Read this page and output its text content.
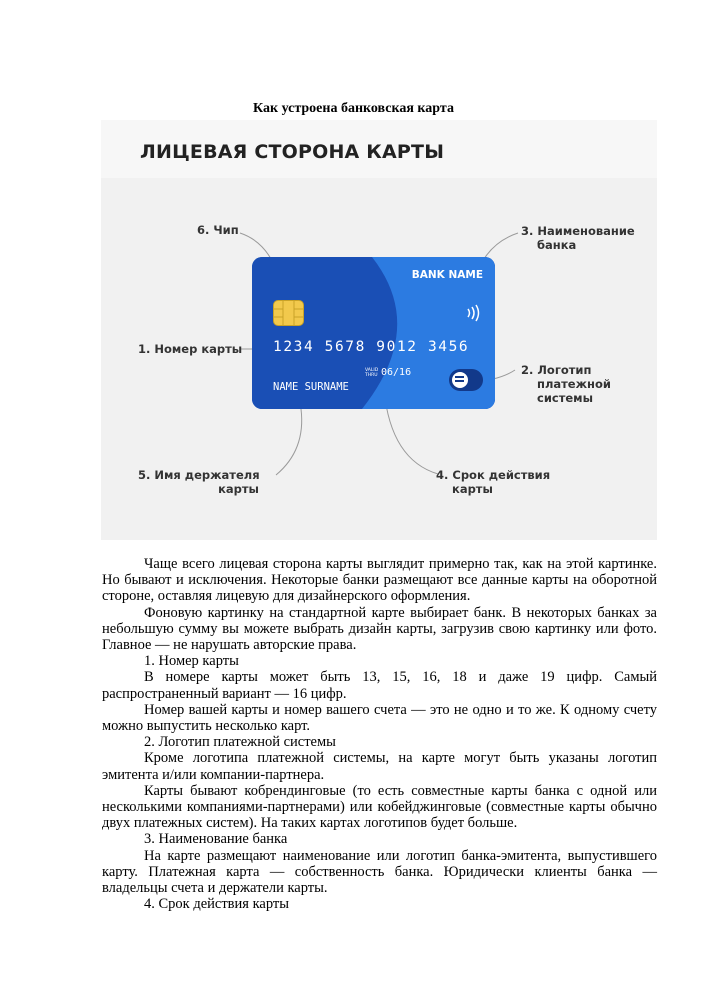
Как устроена банковская карта
ЛИЦЕВАЯ СТОРОНА КАРТЫ
6. Чип	3. Наименование
банка
1. Номер карты
2. Логотип
платежной
системы
5. Имя держателя
карты
4. Срок действия
карты
BANK NAME
1234 5678 9012 3456
VALID
THRU 06/16
NAME SURNAME

Чаще всего лицевая сторона карты выглядит примерно так, как на этой картинке. Но бывают и исключения. Некоторые банки размещают все данные карты на оборотной стороне, оставляя лицевую для дизайнерского оформления.

Фоновую картинку на стандартной карте выбирает банк. В некоторых банках за небольшую сумму вы можете выбрать дизайн карты, загрузив свою картинку или фото. Главное — не нарушать авторские права.

1. Номер карты

В номере карты может быть 13, 15, 16, 18 и даже 19 цифр. Самый распространенный вариант — 16 цифр.

Номер вашей карты и номер вашего счета — это не одно и то же. К одному счету можно выпустить несколько карт.

2. Логотип платежной системы

Кроме логотипа платежной системы, на карте могут быть указаны логотип эмитента и/или компании-партнера.

Карты бывают кобрендинговые (то есть совместные карты банка с одной или несколькими компаниями-партнерами) или кобейджинговые (совместные карты обычно двух платежных систем). На таких картах логотипов будет больше.

3. Наименование банка

На карте размещают наименование или логотип банка-эмитента, выпустившего карту. Платежная карта — собственность банка. Юридически клиенты банка — владельцы счета и держатели карты.

4. Срок действия карты
